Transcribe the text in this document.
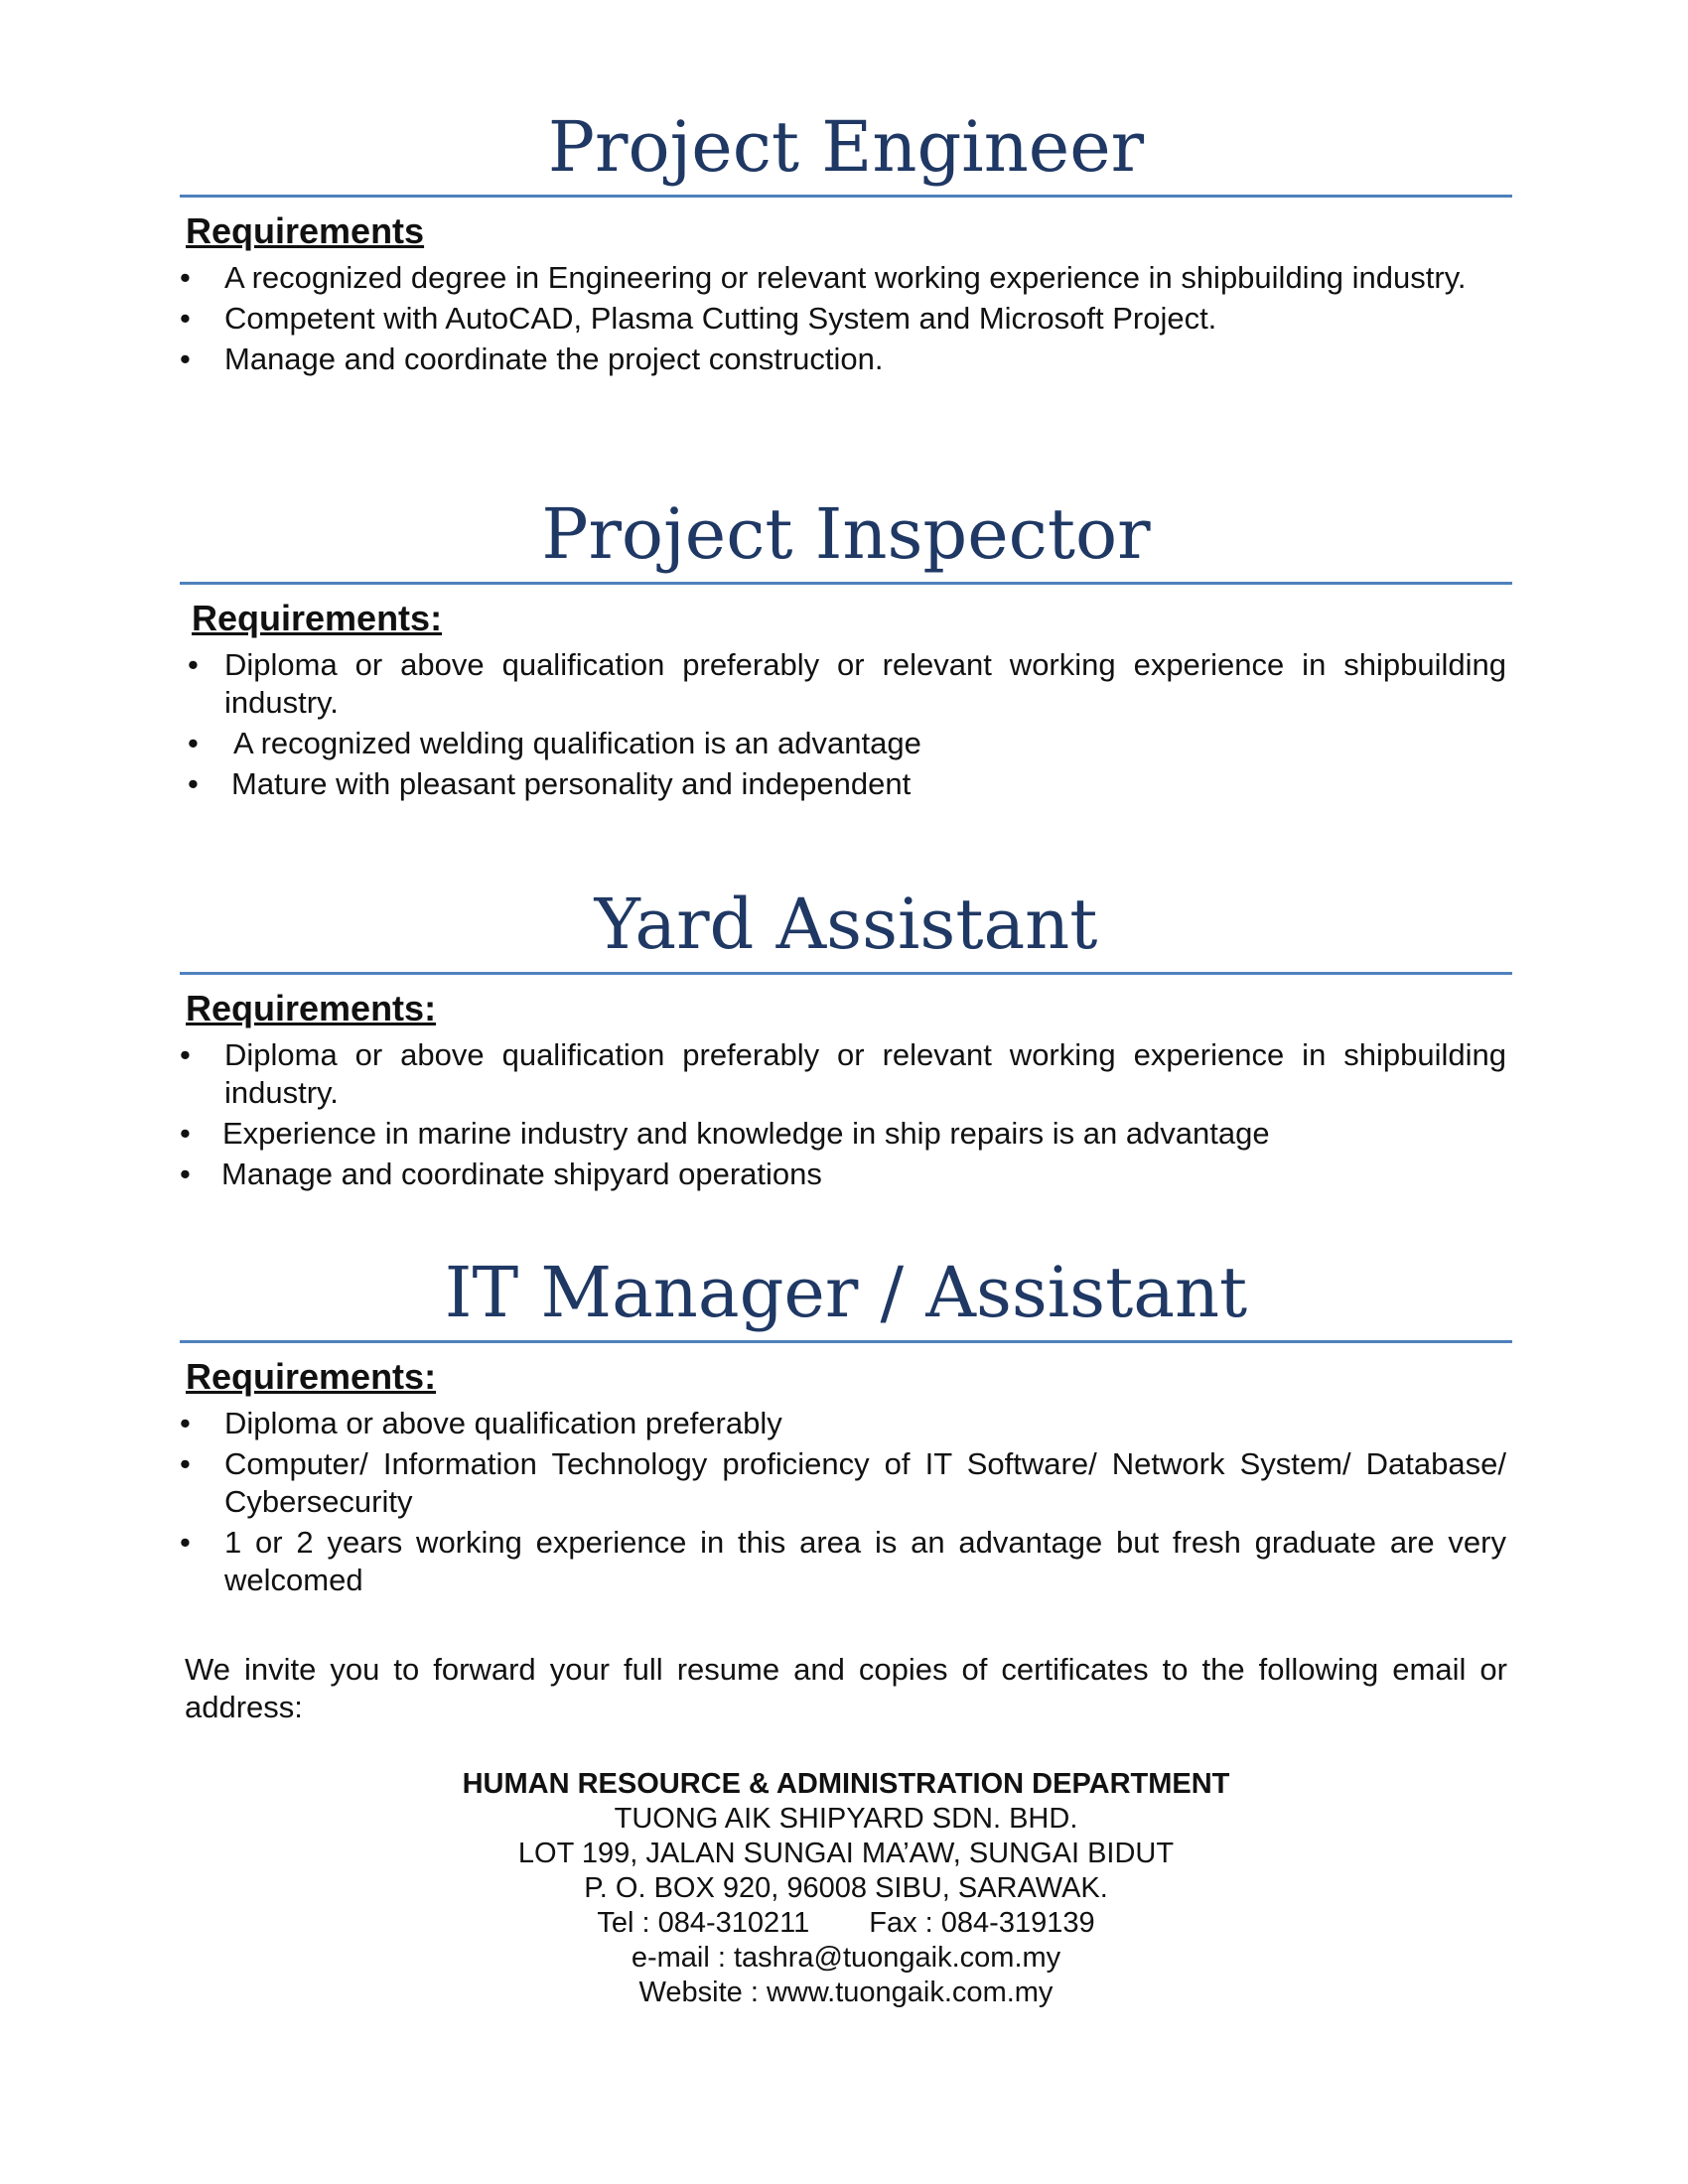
Project Engineer
Requirements
•	A recognized degree in Engineering or relevant working experience in shipbuilding industry.
•	Competent with AutoCAD, Plasma Cutting System and Microsoft Project.
•	Manage and coordinate the project construction.
Project Inspector
Requirements:
• Diploma or above qualification preferably or relevant working experience in shipbuilding industry.
•	A recognized welding qualification is an advantage
•	Mature with pleasant personality and independent
Yard Assistant
Requirements:
•	Diploma or above qualification preferably or relevant working experience in shipbuilding industry.
•	Experience in marine industry and knowledge in ship repairs is an advantage
•	Manage and coordinate shipyard operations
IT Manager / Assistant
Requirements:
•	Diploma or above qualification preferably
•	Computer/ Information Technology proficiency of IT Software/ Network System/ Database/ Cybersecurity
•	1 or 2 years working experience in this area is an advantage but fresh graduate are very welcomed
We invite you to forward your full resume and copies of certificates to the following email or address:
HUMAN RESOURCE & ADMINISTRATION DEPARTMENT
TUONG AIK SHIPYARD SDN. BHD.
LOT 199, JALAN SUNGAI MA’AW, SUNGAI BIDUT
P. O. BOX 920, 96008 SIBU, SARAWAK.
Tel : 084-310211 Fax : 084-319139
e-mail : tashra@tuongaik.com.my
Website : www.tuongaik.com.my
